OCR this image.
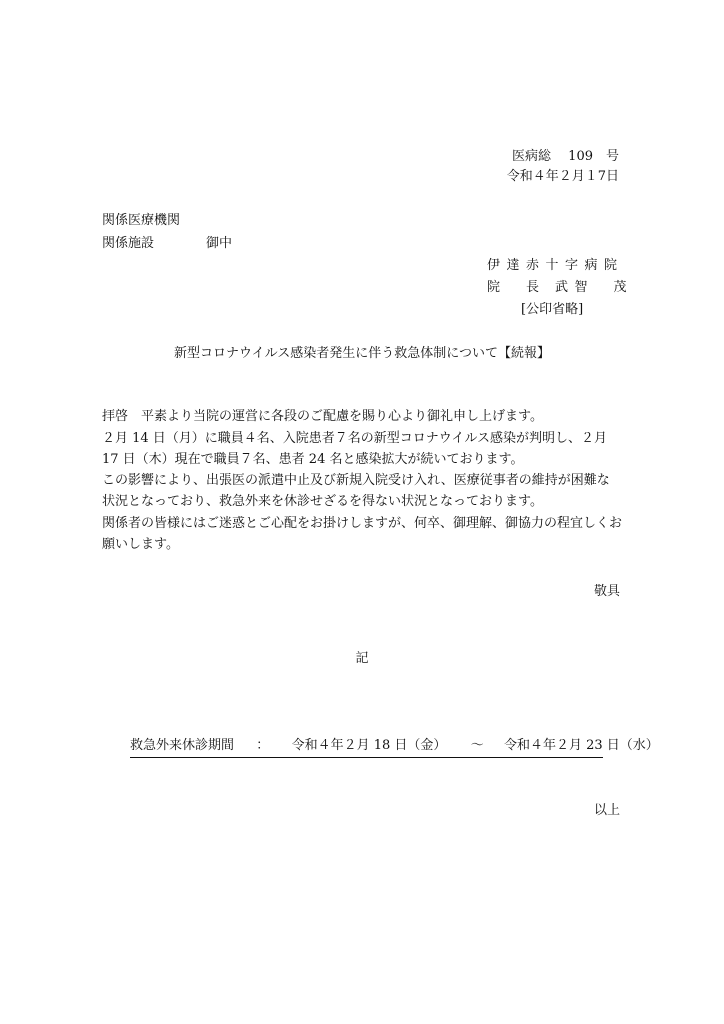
医病総　 109　号
令和４年２月１7日
関係医療機関
関係施設	御中
伊達赤十字病院
院　長 武智　茂
[公印省略]
新型コロナウイルス感染者発生に伴う救急体制について【続報】
拝啓　平素より当院の運営に各段のご配慮を賜り心より御礼申し上げます。
２月 14 日（月）に職員４名、入院患者７名の新型コロナウイルス感染が判明し、２月 17 日（木）現在で職員７名、患者 24 名と感染拡大が続いております。
この影響により、出張医の派遣中止及び新規入院受け入れ、医療従事者の維持が困難な状況となっており、救急外来を休診せざるを得ない状況となっております。
関係者の皆様にはご迷惑とご心配をお掛けしますが、何卒、御理解、御協力の程宜しくお願いします。
敬具
記
救急外来休診期間 ： 令和４年２月 18 日（金） ～ 令和４年２月 23 日（水）
以上
